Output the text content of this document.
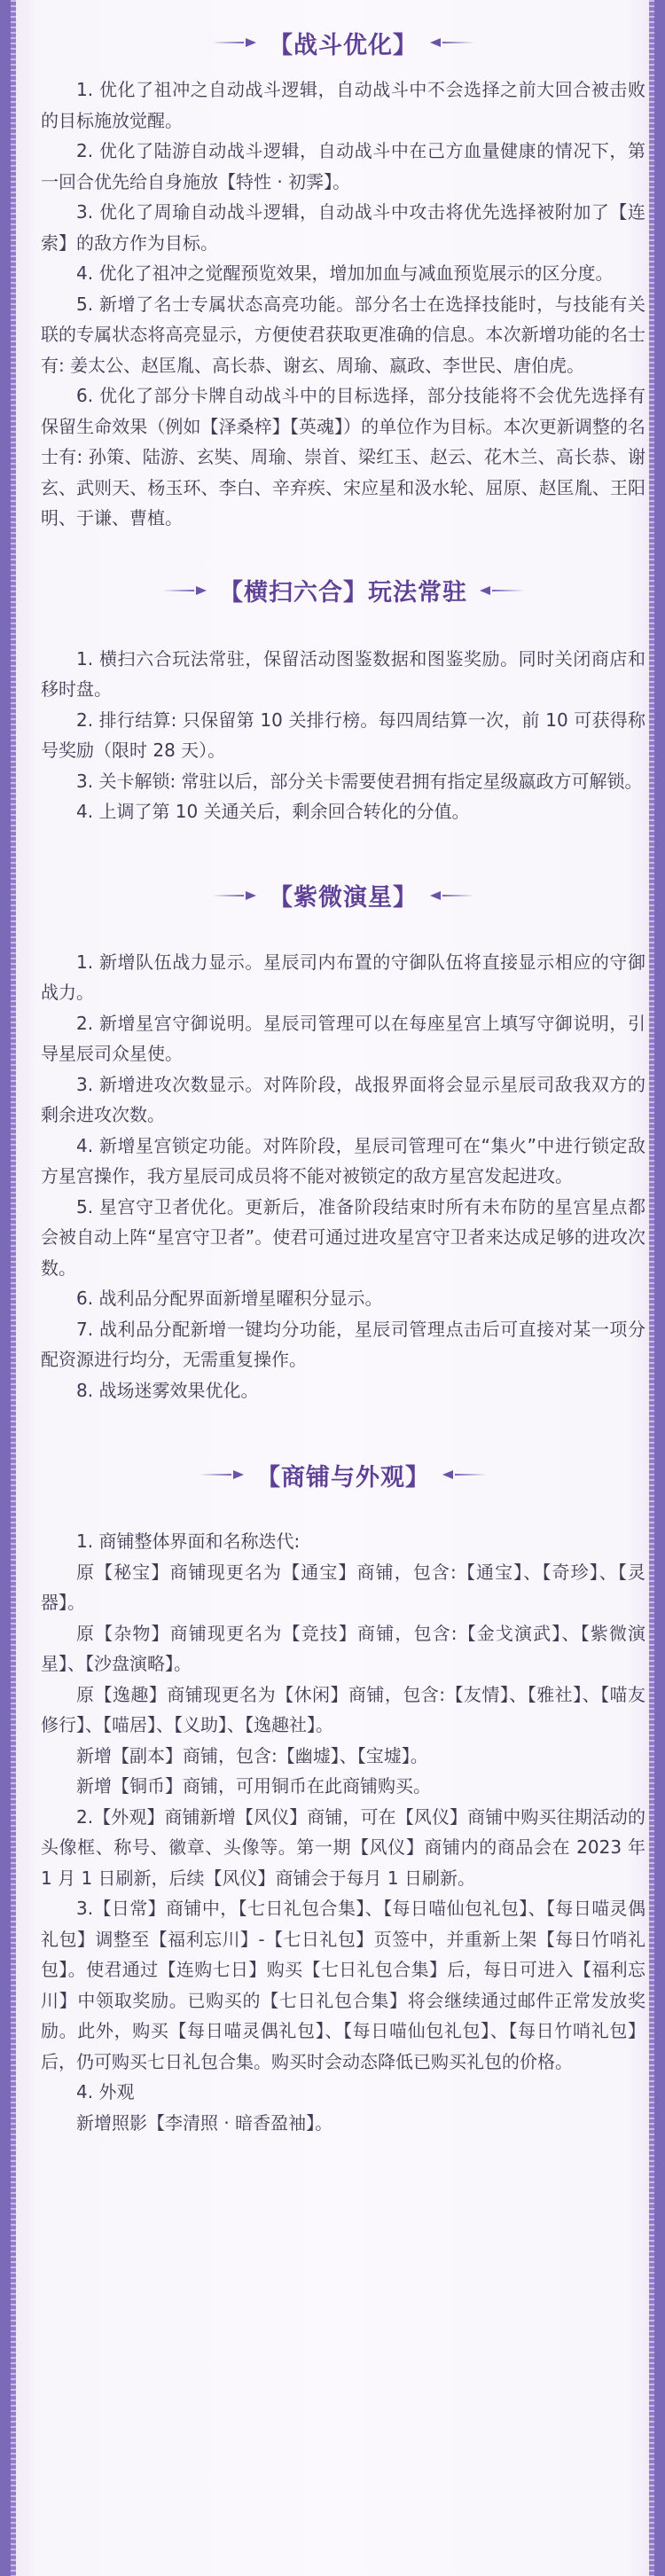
【战斗优化】

1. 优化了祖冲之自动战斗逻辑，自动战斗中不会选择之前大回合被击败的目标施放觉醒。

2. 优化了陆游自动战斗逻辑，自动战斗中在己方血量健康的情况下，第一回合优先给自身施放【特性 · 初霁】。

3. 优化了周瑜自动战斗逻辑，自动战斗中攻击将优先选择被附加了【连索】的敌方作为目标。

4. 优化了祖冲之觉醒预览效果，增加加血与减血预览展示的区分度。

5. 新增了名士专属状态高亮功能。部分名士在选择技能时，与技能有关联的专属状态将高亮显示，方便使君获取更准确的信息。本次新增功能的名士有: 姜太公、赵匡胤、高长恭、谢玄、周瑜、嬴政、李世民、唐伯虎。

6. 优化了部分卡牌自动战斗中的目标选择，部分技能将不会优先选择有保留生命效果（例如【泽桑梓】【英魂】）的单位作为目标。本次更新调整的名士有: 孙策、陆游、玄奘、周瑜、崇首、梁红玉、赵云、花木兰、高长恭、谢玄、武则天、杨玉环、李白、辛弃疾、宋应星和汲水轮、屈原、赵匡胤、王阳明、于谦、曹植。

【横扫六合】玩法常驻

1. 横扫六合玩法常驻，保留活动图鉴数据和图鉴奖励。同时关闭商店和移时盘。

2. 排行结算: 只保留第 10 关排行榜。每四周结算一次，前 10 可获得称号奖励（限时 28 天）。

3. 关卡解锁: 常驻以后，部分关卡需要使君拥有指定星级嬴政方可解锁。

4. 上调了第 10 关通关后，剩余回合转化的分值。

【紫微演星】

1. 新增队伍战力显示。星辰司内布置的守御队伍将直接显示相应的守御战力。

2. 新增星宫守御说明。星辰司管理可以在每座星宫上填写守御说明，引导星辰司众星使。

3. 新增进攻次数显示。对阵阶段，战报界面将会显示星辰司敌我双方的剩余进攻次数。

4. 新增星宫锁定功能。对阵阶段，星辰司管理可在“集火”中进行锁定敌方星宫操作，我方星辰司成员将不能对被锁定的敌方星宫发起进攻。

5. 星宫守卫者优化。更新后，准备阶段结束时所有未布防的星宫星点都会被自动上阵“星宫守卫者”。使君可通过进攻星宫守卫者来达成足够的进攻次数。

6. 战利品分配界面新增星曜积分显示。

7. 战利品分配新增一键均分功能，星辰司管理点击后可直接对某一项分配资源进行均分，无需重复操作。

8. 战场迷雾效果优化。

【商铺与外观】

1. 商铺整体界面和名称迭代:

原【秘宝】商铺现更名为【通宝】商铺，包含:【通宝】、【奇珍】、【灵器】。

原【杂物】商铺现更名为【竞技】商铺，包含:【金戈演武】、【紫微演星】、【沙盘演略】。

原【逸趣】商铺现更名为【休闲】商铺，包含:【友情】、【雅社】、【喵友修行】、【喵居】、【义助】、【逸趣社】。

新增【副本】商铺，包含:【幽墟】、【宝墟】。

新增【铜币】商铺，可用铜币在此商铺购买。

2.【外观】商铺新增【风仪】商铺，可在【风仪】商铺中购买往期活动的头像框、称号、徽章、头像等。第一期【风仪】商铺内的商品会在 2023 年 1 月 1 日刷新，后续【风仪】商铺会于每月 1 日刷新。

3.【日常】商铺中，【七日礼包合集】、【每日喵仙包礼包】、【每日喵灵偶礼包】调整至【福利忘川】-【七日礼包】页签中，并重新上架【每日竹哨礼包】。使君通过【连购七日】购买【七日礼包合集】后，每日可进入【福利忘川】中领取奖励。已购买的【七日礼包合集】将会继续通过邮件正常发放奖励。此外，购买【每日喵灵偶礼包】、【每日喵仙包礼包】、【每日竹哨礼包】后，仍可购买七日礼包合集。购买时会动态降低已购买礼包的价格。

4. 外观

新增照影【李清照 · 暗香盈袖】。
